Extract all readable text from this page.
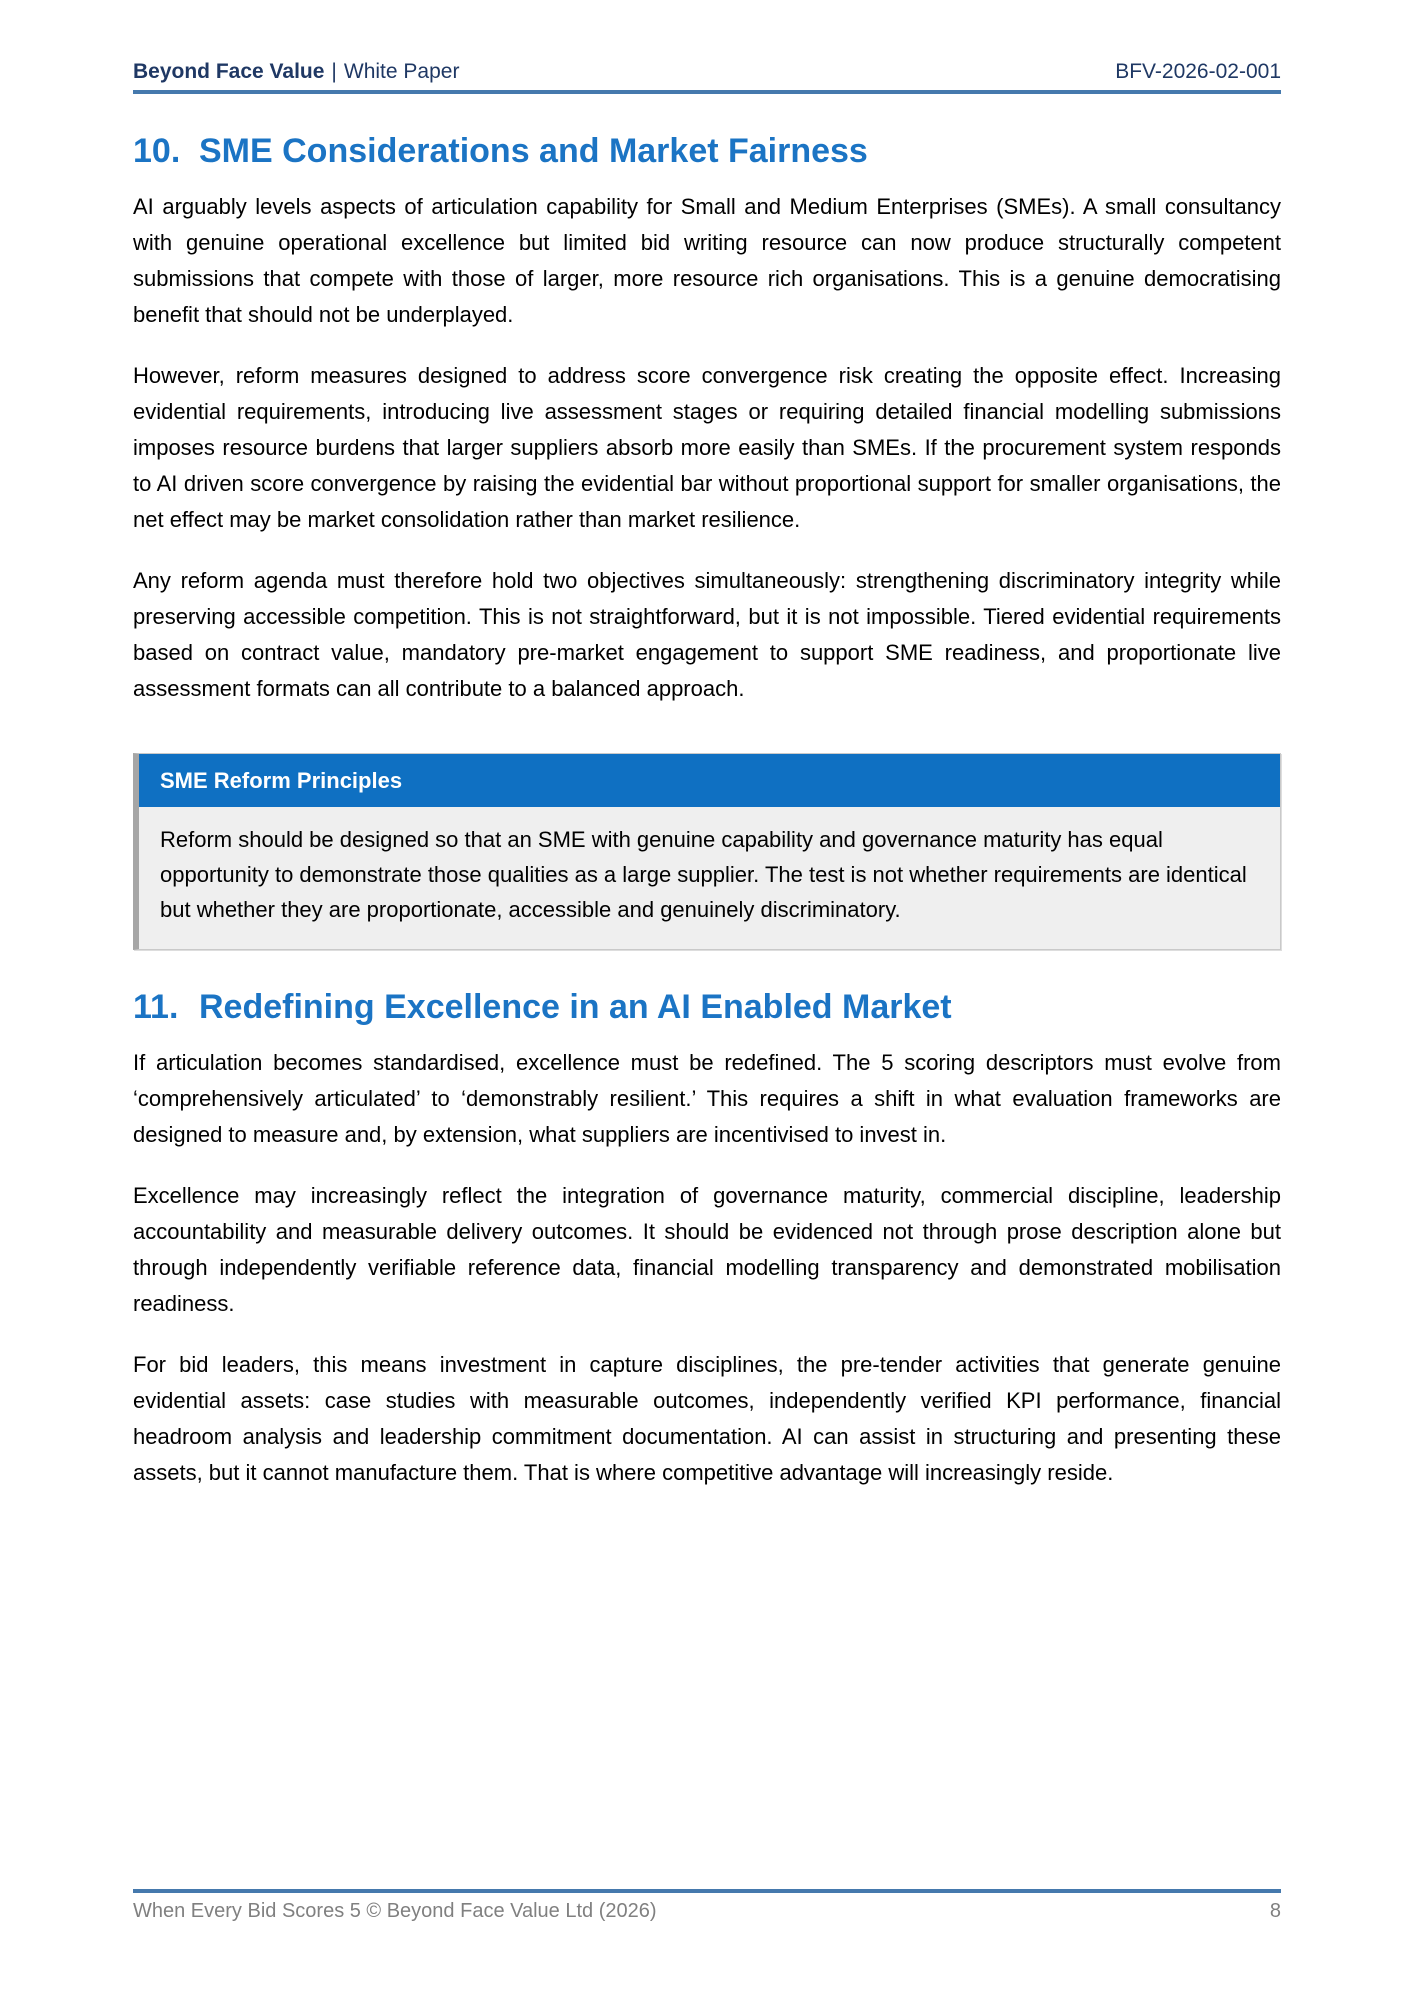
Beyond Face Value | White Paper	BFV-2026-02-001
10. SME Considerations and Market Fairness

AI arguably levels aspects of articulation capability for Small and Medium Enterprises (SMEs). A small consultancy with genuine operational excellence but limited bid writing resource can now produce structurally competent submissions that compete with those of larger, more resource rich organisations. This is a genuine democratising benefit that should not be underplayed.

However, reform measures designed to address score convergence risk creating the opposite effect. Increasing evidential requirements, introducing live assessment stages or requiring detailed financial modelling submissions imposes resource burdens that larger suppliers absorb more easily than SMEs. If the procurement system responds to AI driven score convergence by raising the evidential bar without proportional support for smaller organisations, the net effect may be market consolidation rather than market resilience.

Any reform agenda must therefore hold two objectives simultaneously: strengthening discriminatory integrity while preserving accessible competition. This is not straightforward, but it is not impossible. Tiered evidential requirements based on contract value, mandatory pre-market engagement to support SME readiness, and proportionate live assessment formats can all contribute to a balanced approach.

SME Reform Principles
Reform should be designed so that an SME with genuine capability and governance maturity has equal opportunity to demonstrate those qualities as a large supplier. The test is not whether requirements are identical but whether they are proportionate, accessible and genuinely discriminatory.
11. Redefining Excellence in an AI Enabled Market

If articulation becomes standardised, excellence must be redefined. The 5 scoring descriptors must evolve from ‘comprehensively articulated’ to ‘demonstrably resilient.’ This requires a shift in what evaluation frameworks are designed to measure and, by extension, what suppliers are incentivised to invest in.

Excellence may increasingly reflect the integration of governance maturity, commercial discipline, leadership accountability and measurable delivery outcomes. It should be evidenced not through prose description alone but through independently verifiable reference data, financial modelling transparency and demonstrated mobilisation readiness.

For bid leaders, this means investment in capture disciplines, the pre-tender activities that generate genuine evidential assets: case studies with measurable outcomes, independently verified KPI performance, financial headroom analysis and leadership commitment documentation. AI can assist in structuring and presenting these assets, but it cannot manufacture them. That is where competitive advantage will increasingly reside.

When Every Bid Scores 5 © Beyond Face Value Ltd (2026)	8
